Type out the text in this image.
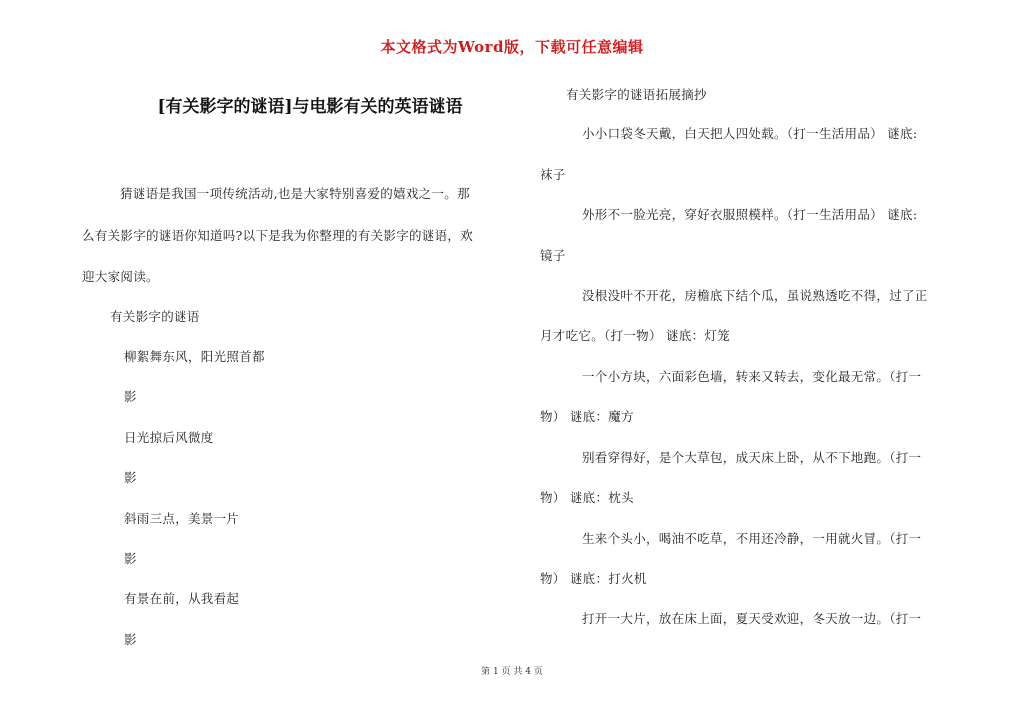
本文格式为Word版，下载可任意编辑
[有关影字的谜语]与电影有关的英语谜语
猜谜语是我国一项传统活动,也是大家特别喜爱的嬉戏之一。那
么有关影字的谜语你知道吗?以下是我为你整理的有关影字的谜语，欢
迎大家阅读。
有关影字的谜语
柳絮舞东风，阳光照首都
影
日光掠后风微度
影
斜雨三点，美景一片
影
有景在前，从我看起
影
有关影字的谜语拓展摘抄
小小口袋冬天戴，白天把人四处载。（打一生活用品） 谜底:
袜子
外形不一脸光亮，穿好衣服照模样。（打一生活用品） 谜底:
镜子
没根没叶不开花，房檐底下结个瓜，虽说熟透吃不得，过了正
月才吃它。（打一物） 谜底：灯笼
一个小方块，六面彩色墙，转来又转去，变化最无常。（打一
物） 谜底：魔方
别看穿得好，是个大草包，成天床上卧，从不下地跑。（打一
物） 谜底：枕头
生来个头小，喝油不吃草，不用还冷静，一用就火冒。（打一
物） 谜底：打火机
打开一大片，放在床上面，夏天受欢迎，冬天放一边。（打一
第 1 页 共 4 页
